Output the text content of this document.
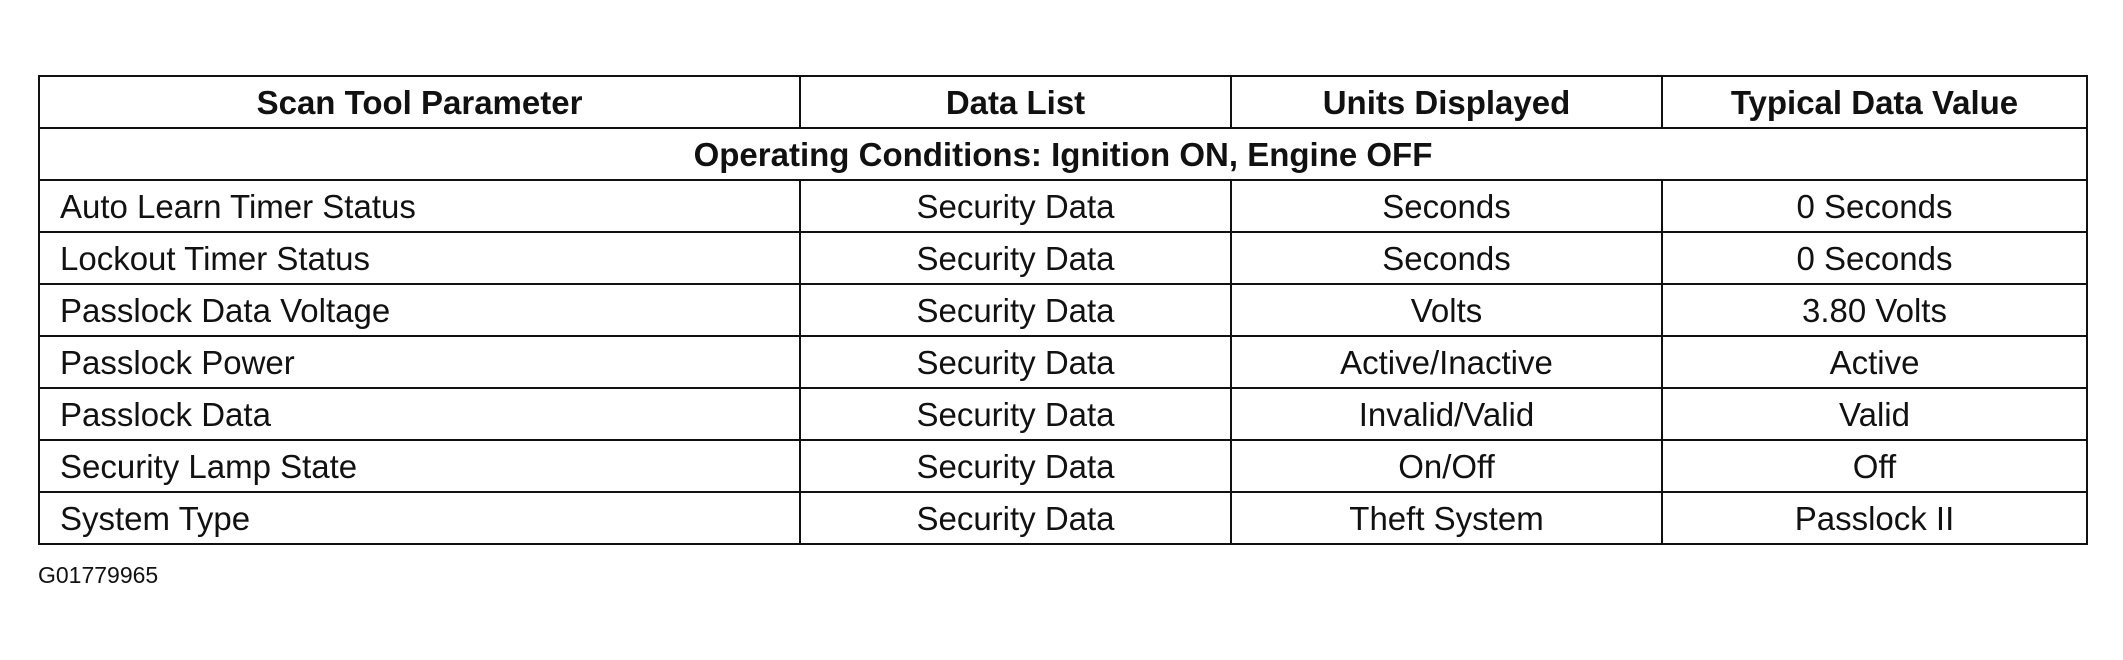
Scan Tool Parameter	Data List	Units Displayed	Typical Data Value
Operating Conditions: Ignition ON, Engine OFF			
Auto Learn Timer Status	Security Data	Seconds	0 Seconds
Lockout Timer Status	Security Data	Seconds	0 Seconds
Passlock Data Voltage	Security Data	Volts	3.80 Volts
Passlock Power	Security Data	Active/Inactive	Active
Passlock Data	Security Data	Invalid/Valid	Valid
Security Lamp State	Security Data	On/Off	Off
System Type	Security Data	Theft System	Passlock II
G01779965
